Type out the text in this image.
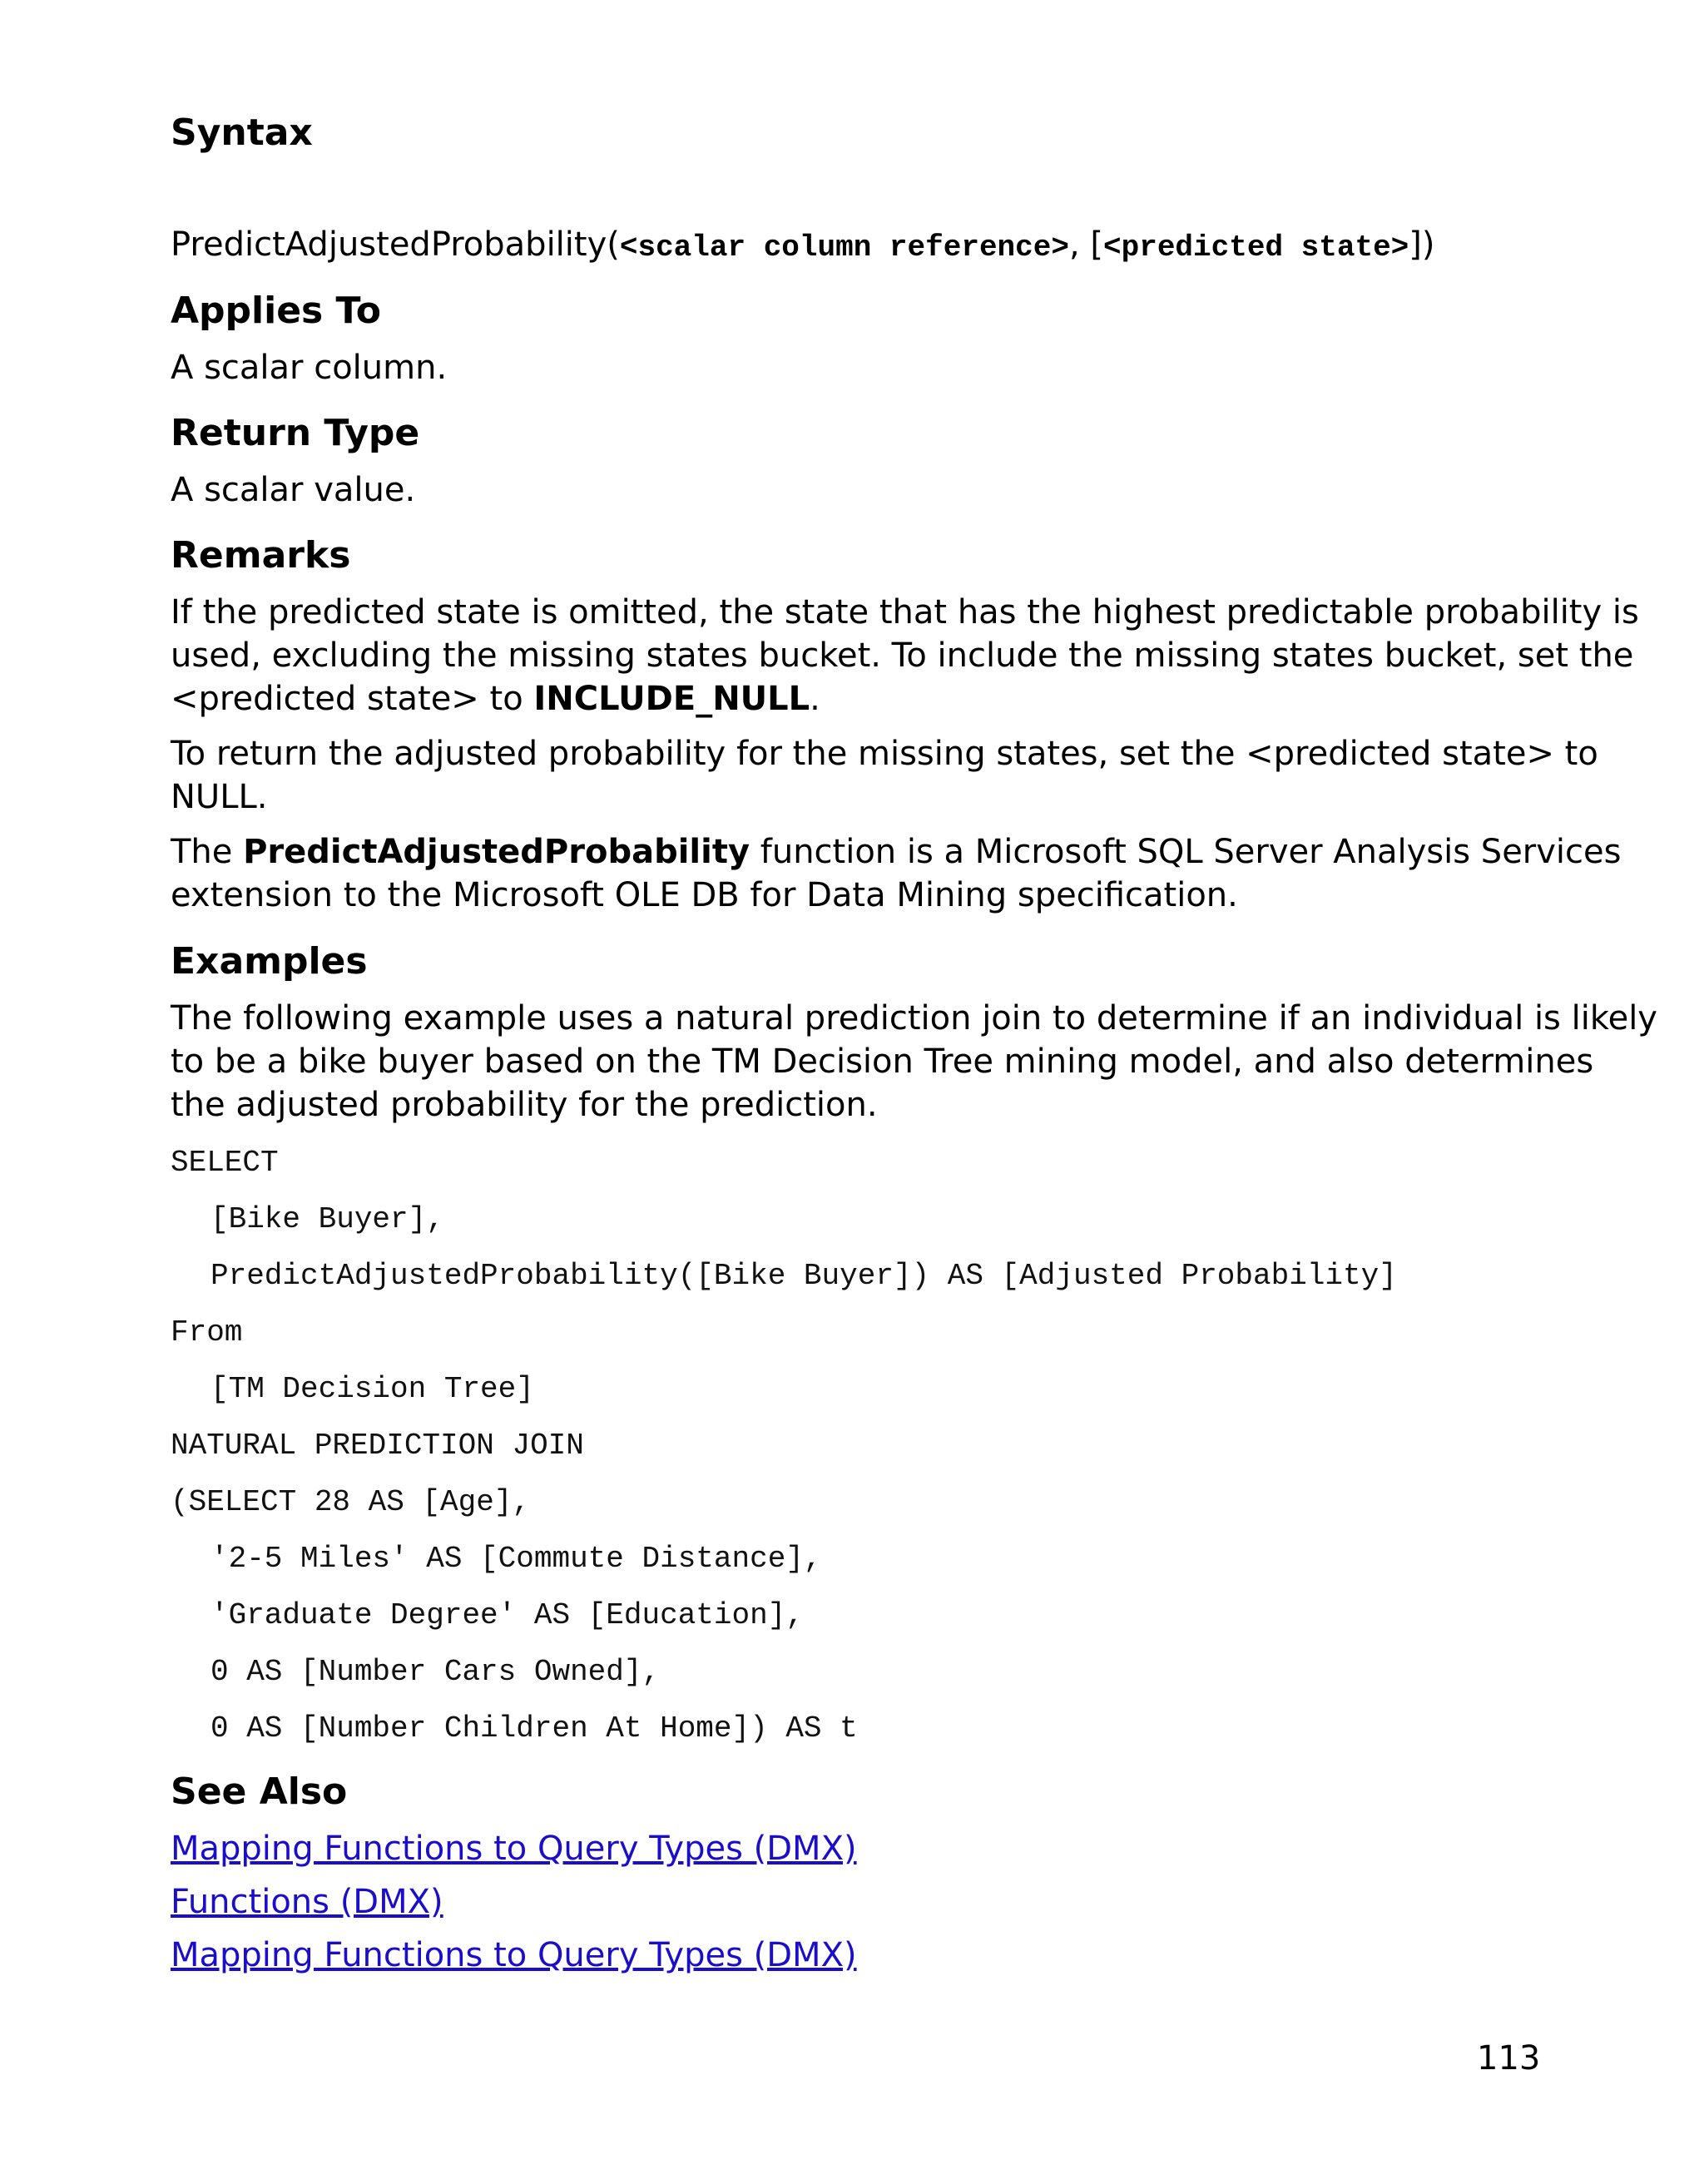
Syntax
PredictAdjustedProbability(<scalar column reference>, [<predicted state>])
Applies To
A scalar column.
Return Type
A scalar value.
Remarks
If the predicted state is omitted, the state that has the highest predictable probability is
used, excluding the missing states bucket. To include the missing states bucket, set the
<predicted state> to INCLUDE_NULL.
To return the adjusted probability for the missing states, set the <predicted state> to
NULL.
The PredictAdjustedProbability function is a Microsoft SQL Server Analysis Services
extension to the Microsoft OLE DB for Data Mining specification.
Examples
The following example uses a natural prediction join to determine if an individual is likely
to be a bike buyer based on the TM Decision Tree mining model, and also determines
the adjusted probability for the prediction.
SELECT
[Bike Buyer],
PredictAdjustedProbability([Bike Buyer]) AS [Adjusted Probability]
From
[TM Decision Tree]
NATURAL PREDICTION JOIN
(SELECT 28 AS [Age],
'2-5 Miles' AS [Commute Distance],
'Graduate Degree' AS [Education],
0 AS [Number Cars Owned],
0 AS [Number Children At Home]) AS t
See Also
Mapping Functions to Query Types (DMX)
Functions (DMX)
Mapping Functions to Query Types (DMX)
113
